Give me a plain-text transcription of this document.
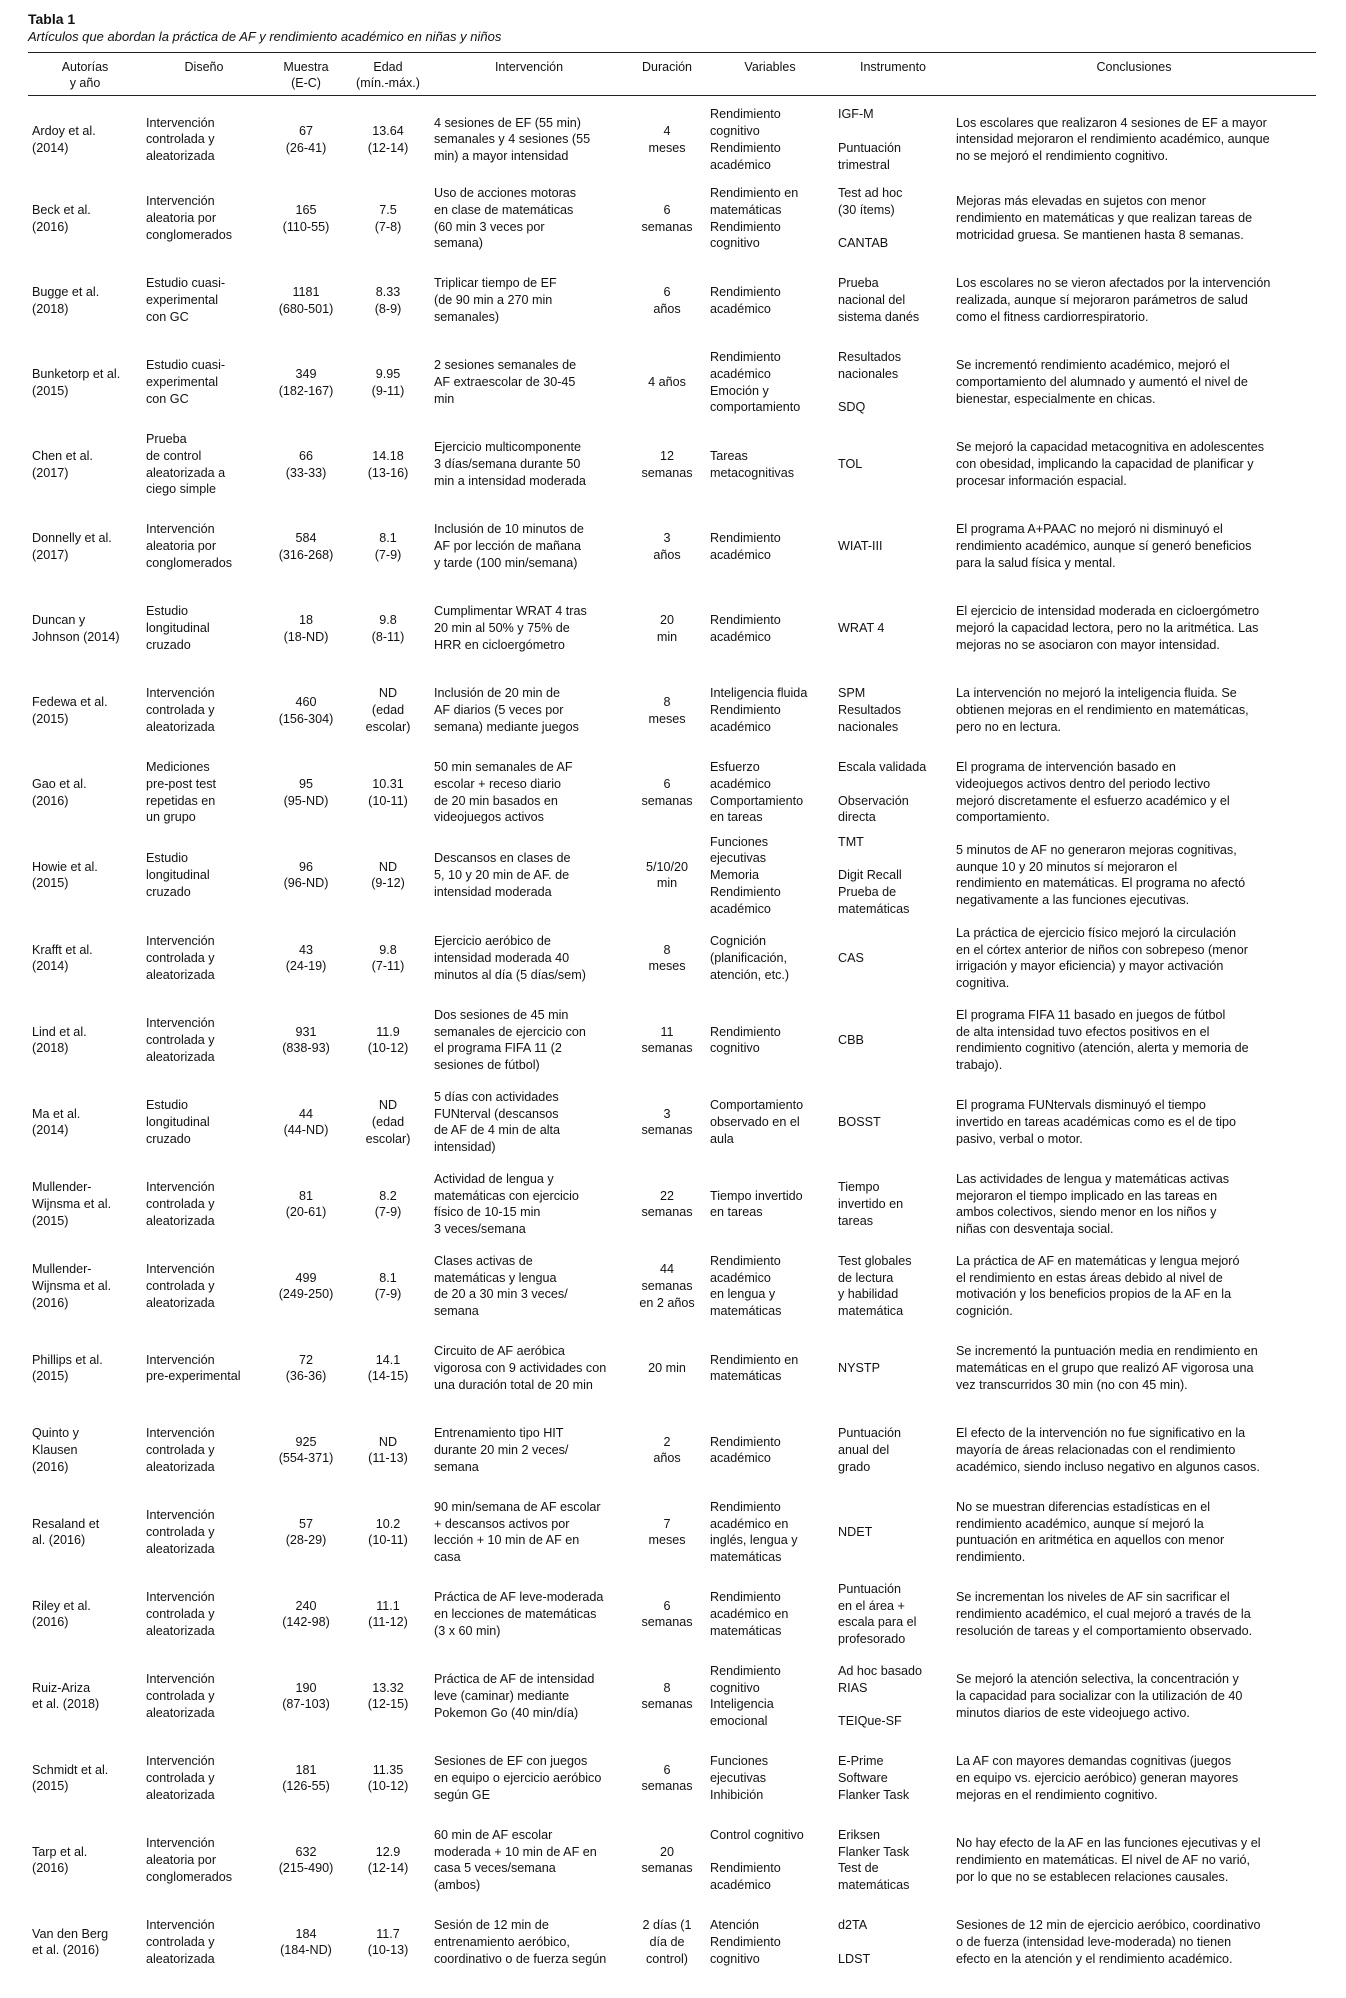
Tabla 1
Artículos que abordan la práctica de AF y rendimiento académico en niñas y niños
Autorías
y año	Diseño	Muestra
(E-C)	Edad
(mín.-máx.)	Intervención	Duración	Variables	Instrumento	Conclusiones
Ardoy et al.
(2014)	Intervención
controlada y
aleatorizada	67
(26-41)	13.64
(12-14)	4 sesiones de EF (55 min)
semanales y 4 sesiones (55
min) a mayor intensidad	4
meses	Rendimiento
cognitivo
Rendimiento
académico	IGF-M

Puntuación
trimestral	Los escolares que realizaron 4 sesiones de EF a mayor
intensidad mejoraron el rendimiento académico, aunque
no se mejoró el rendimiento cognitivo.
Beck et al.
(2016)	Intervención
aleatoria por
conglomerados	165
(110-55)	7.5
(7-8)	Uso de acciones motoras
en clase de matemáticas
(60 min 3 veces por
semana)	6
semanas	Rendimiento en
matemáticas
Rendimiento
cognitivo	Test ad hoc
(30 ítems)

CANTAB	Mejoras más elevadas en sujetos con menor
rendimiento en matemáticas y que realizan tareas de
motricidad gruesa. Se mantienen hasta 8 semanas.
Bugge et al.
(2018)	Estudio cuasi-
experimental
con GC	1181
(680-501)	8.33
(8-9)	Triplicar tiempo de EF
(de 90 min a 270 min
semanales)	6
años	Rendimiento
académico	Prueba
nacional del
sistema danés	Los escolares no se vieron afectados por la intervención
realizada, aunque sí mejoraron parámetros de salud
como el fitness cardiorrespiratorio.
Bunketorp et al.
(2015)	Estudio cuasi-
experimental
con GC	349
(182-167)	9.95
(9-11)	2 sesiones semanales de
AF extraescolar de 30-45
min	4 años	Rendimiento
académico
Emoción y
comportamiento	Resultados
nacionales

SDQ	Se incrementó rendimiento académico, mejoró el
comportamiento del alumnado y aumentó el nivel de
bienestar, especialmente en chicas.
Chen et al.
(2017)	Prueba
de control
aleatorizada a
ciego simple	66
(33-33)	14.18
(13-16)	Ejercicio multicomponente
3 días/semana durante 50
min a intensidad moderada	12
semanas	Tareas
metacognitivas	TOL	Se mejoró la capacidad metacognitiva en adolescentes
con obesidad, implicando la capacidad de planificar y
procesar información espacial.
Donnelly et al.
(2017)	Intervención
aleatoria por
conglomerados	584
(316-268)	8.1
(7-9)	Inclusión de 10 minutos de
AF por lección de mañana
y tarde (100 min/semana)	3
años	Rendimiento
académico	WIAT-III	El programa A+PAAC no mejoró ni disminuyó el
rendimiento académico, aunque sí generó beneficios
para la salud física y mental.
Duncan y
Johnson (2014)	Estudio
longitudinal
cruzado	18
(18-ND)	9.8
(8-11)	Cumplimentar WRAT 4 tras
20 min al 50% y 75% de
HRR en cicloergómetro	20
min	Rendimiento
académico	WRAT 4	El ejercicio de intensidad moderada en cicloergómetro
mejoró la capacidad lectora, pero no la aritmética. Las
mejoras no se asociaron con mayor intensidad.
Fedewa et al.
(2015)	Intervención
controlada y
aleatorizada	460
(156-304)	ND
(edad
escolar)	Inclusión de 20 min de
AF diarios (5 veces por
semana) mediante juegos	8
meses	Inteligencia fluida
Rendimiento
académico	SPM
Resultados
nacionales	La intervención no mejoró la inteligencia fluida. Se
obtienen mejoras en el rendimiento en matemáticas,
pero no en lectura.
Gao et al.
(2016)	Mediciones
pre-post test
repetidas en
un grupo	95
(95-ND)	10.31
(10-11)	50 min semanales de AF
escolar + receso diario
de 20 min basados en
videojuegos activos	6
semanas	Esfuerzo
académico
Comportamiento
en tareas	Escala validada

Observación
directa	El programa de intervención basado en
videojuegos activos dentro del periodo lectivo
mejoró discretamente el esfuerzo académico y el
comportamiento.
Howie et al.
(2015)	Estudio
longitudinal
cruzado	96
(96-ND)	ND
(9-12)	Descansos en clases de
5, 10 y 20 min de AF. de
intensidad moderada	5/10/20
min	Funciones
ejecutivas
Memoria
Rendimiento
académico	TMT

Digit Recall
Prueba de
matemáticas	5 minutos de AF no generaron mejoras cognitivas,
aunque 10 y 20 minutos sí mejoraron el
rendimiento en matemáticas. El programa no afectó
negativamente a las funciones ejecutivas.
Krafft et al.
(2014)	Intervención
controlada y
aleatorizada	43
(24-19)	9.8
(7-11)	Ejercicio aeróbico de
intensidad moderada 40
minutos al día (5 días/sem)	8
meses	Cognición
(planificación,
atención, etc.)	CAS	La práctica de ejercicio físico mejoró la circulación
en el córtex anterior de niños con sobrepeso (menor
irrigación y mayor eficiencia) y mayor activación
cognitiva.
Lind et al.
(2018)	Intervención
controlada y
aleatorizada	931
(838-93)	11.9
(10-12)	Dos sesiones de 45 min
semanales de ejercicio con
el programa FIFA 11 (2
sesiones de fútbol)	11
semanas	Rendimiento
cognitivo	CBB	El programa FIFA 11 basado en juegos de fútbol
de alta intensidad tuvo efectos positivos en el
rendimiento cognitivo (atención, alerta y memoria de
trabajo).
Ma et al.
(2014)	Estudio
longitudinal
cruzado	44
(44-ND)	ND
(edad
escolar)	5 días con actividades
FUNterval (descansos
de AF de 4 min de alta
intensidad)	3
semanas	Comportamiento
observado en el
aula	BOSST	El programa FUNtervals disminuyó el tiempo
invertido en tareas académicas como es el de tipo
pasivo, verbal o motor.
Mullender-
Wijnsma et al.
(2015)	Intervención
controlada y
aleatorizada	81
(20-61)	8.2
(7-9)	Actividad de lengua y
matemáticas con ejercicio
físico de 10-15 min
3 veces/semana	22
semanas	Tiempo invertido
en tareas	Tiempo
invertido en
tareas	Las actividades de lengua y matemáticas activas
mejoraron el tiempo implicado en las tareas en
ambos colectivos, siendo menor en los niños y
niñas con desventaja social.
Mullender-
Wijnsma et al.
(2016)	Intervención
controlada y
aleatorizada	499
(249-250)	8.1
(7-9)	Clases activas de
matemáticas y lengua
de 20 a 30 min 3 veces/
semana	44
semanas
en 2 años	Rendimiento
académico
en lengua y
matemáticas	Test globales
de lectura
y habilidad
matemática	La práctica de AF en matemáticas y lengua mejoró
el rendimiento en estas áreas debido al nivel de
motivación y los beneficios propios de la AF en la
cognición.
Phillips et al.
(2015)	Intervención
pre-experimental	72
(36-36)	14.1
(14-15)	Circuito de AF aeróbica
vigorosa con 9 actividades con
una duración total de 20 min	20 min	Rendimiento en
matemáticas	NYSTP	Se incrementó la puntuación media en rendimiento en
matemáticas en el grupo que realizó AF vigorosa una
vez transcurridos 30 min (no con 45 min).
Quinto y
Klausen
(2016)	Intervención
controlada y
aleatorizada	925
(554-371)	ND
(11-13)	Entrenamiento tipo HIT
durante 20 min 2 veces/
semana	2
años	Rendimiento
académico	Puntuación
anual del
grado	El efecto de la intervención no fue significativo en la
mayoría de áreas relacionadas con el rendimiento
académico, siendo incluso negativo en algunos casos.
Resaland et
al. (2016)	Intervención
controlada y
aleatorizada	57
(28-29)	10.2
(10-11)	90 min/semana de AF escolar
+ descansos activos por
lección + 10 min de AF en
casa	7
meses	Rendimiento
académico en
inglés, lengua y
matemáticas	NDET	No se muestran diferencias estadísticas en el
rendimiento académico, aunque sí mejoró la
puntuación en aritmética en aquellos con menor
rendimiento.
Riley et al.
(2016)	Intervención
controlada y
aleatorizada	240
(142-98)	11.1
(11-12)	Práctica de AF leve-moderada
en lecciones de matemáticas
(3 x 60 min)	6
semanas	Rendimiento
académico en
matemáticas	Puntuación
en el área +
escala para el
profesorado	Se incrementan los niveles de AF sin sacrificar el
rendimiento académico, el cual mejoró a través de la
resolución de tareas y el comportamiento observado.
Ruiz-Ariza
et al. (2018)	Intervención
controlada y
aleatorizada	190
(87-103)	13.32
(12-15)	Práctica de AF de intensidad
leve (caminar) mediante
Pokemon Go (40 min/día)	8
semanas	Rendimiento
cognitivo
Inteligencia
emocional	Ad hoc basado
RIAS

TEIQue-SF	Se mejoró la atención selectiva, la concentración y
la capacidad para socializar con la utilización de 40
minutos diarios de este videojuego activo.
Schmidt et al.
(2015)	Intervención
controlada y
aleatorizada	181
(126-55)	11.35
(10-12)	Sesiones de EF con juegos
en equipo o ejercicio aeróbico
según GE	6
semanas	Funciones
ejecutivas
Inhibición	E-Prime
Software
Flanker Task	La AF con mayores demandas cognitivas (juegos
en equipo vs. ejercicio aeróbico) generan mayores
mejoras en el rendimiento cognitivo.
Tarp et al.
(2016)	Intervención
aleatoria por
conglomerados	632
(215-490)	12.9
(12-14)	60 min de AF escolar
moderada + 10 min de AF en
casa 5 veces/semana
(ambos)	20
semanas	Control cognitivo

Rendimiento
académico	Eriksen
Flanker Task
Test de
matemáticas	No hay efecto de la AF en las funciones ejecutivas y el
rendimiento en matemáticas. El nivel de AF no varió,
por lo que no se establecen relaciones causales.
Van den Berg
et al. (2016)	Intervención
controlada y
aleatorizada	184
(184-ND)	11.7
(10-13)	Sesión de 12 min de
entrenamiento aeróbico,
coordinativo o de fuerza según	2 días (1
día de
control)	Atención
Rendimiento
cognitivo	d2TA

LDST	Sesiones de 12 min de ejercicio aeróbico, coordinativo
o de fuerza (intensidad leve-moderada) no tienen
efecto en la atención y el rendimiento académico.
